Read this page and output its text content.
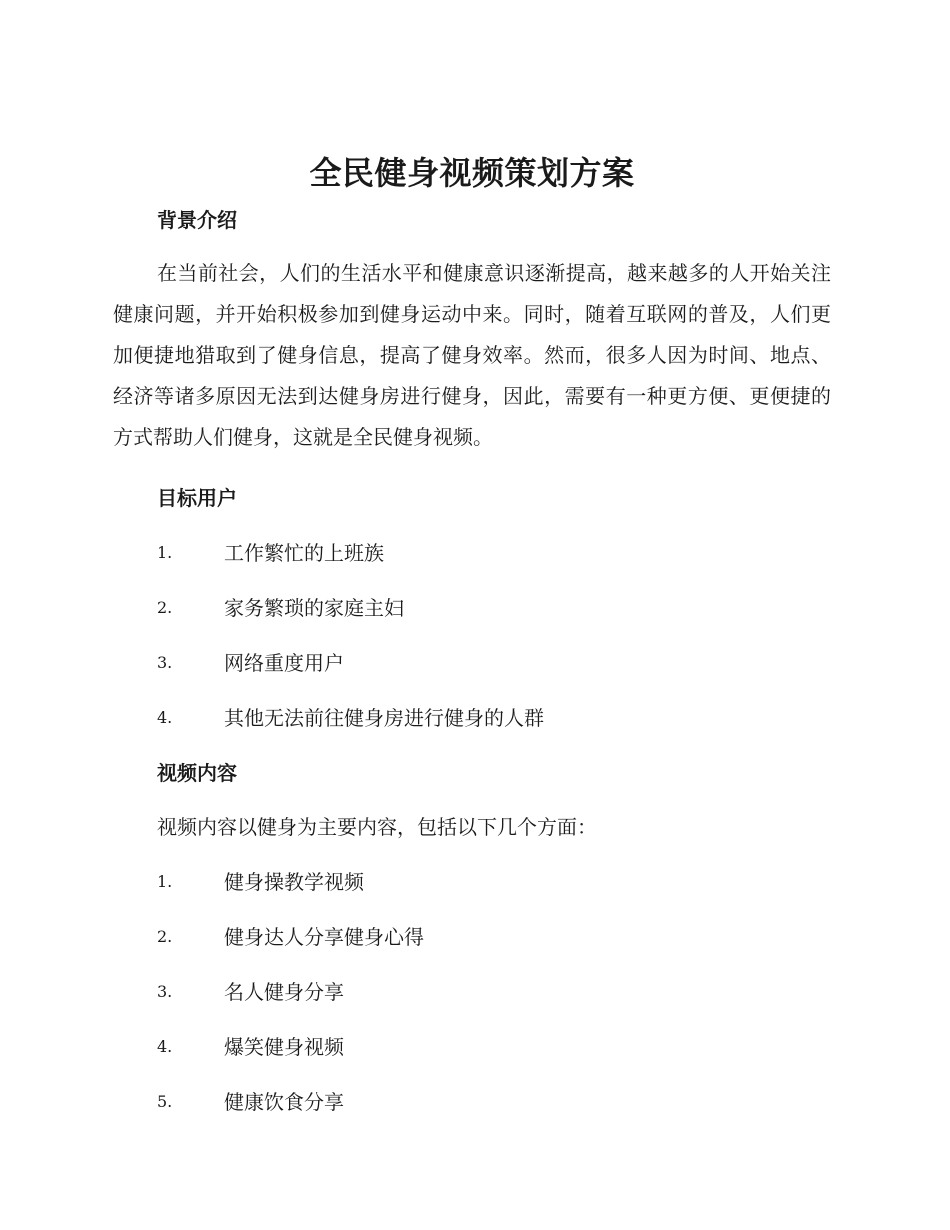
全民健身视频策划方案
背景介绍

在当前社会，人们的生活水平和健康意识逐渐提高，越来越多的人开始关注健康问题，并开始积极参加到健身运动中来。同时，随着互联网的普及，人们更加便捷地猎取到了健身信息，提高了健身效率。然而，很多人因为时间、地点、经济等诸多原因无法到达健身房进行健身，因此，需要有一种更方便、更便捷的方式帮助人们健身，这就是全民健身视频。

目标用户
1.	工作繁忙的上班族
2.	家务繁琐的家庭主妇
3.	网络重度用户
4.	其他无法前往健身房进行健身的人群
视频内容
视频内容以健身为主要内容，包括以下几个方面：
1.	健身操教学视频
2.	健身达人分享健身心得
3.	名人健身分享
4.	爆笑健身视频
5.	健康饮食分享
